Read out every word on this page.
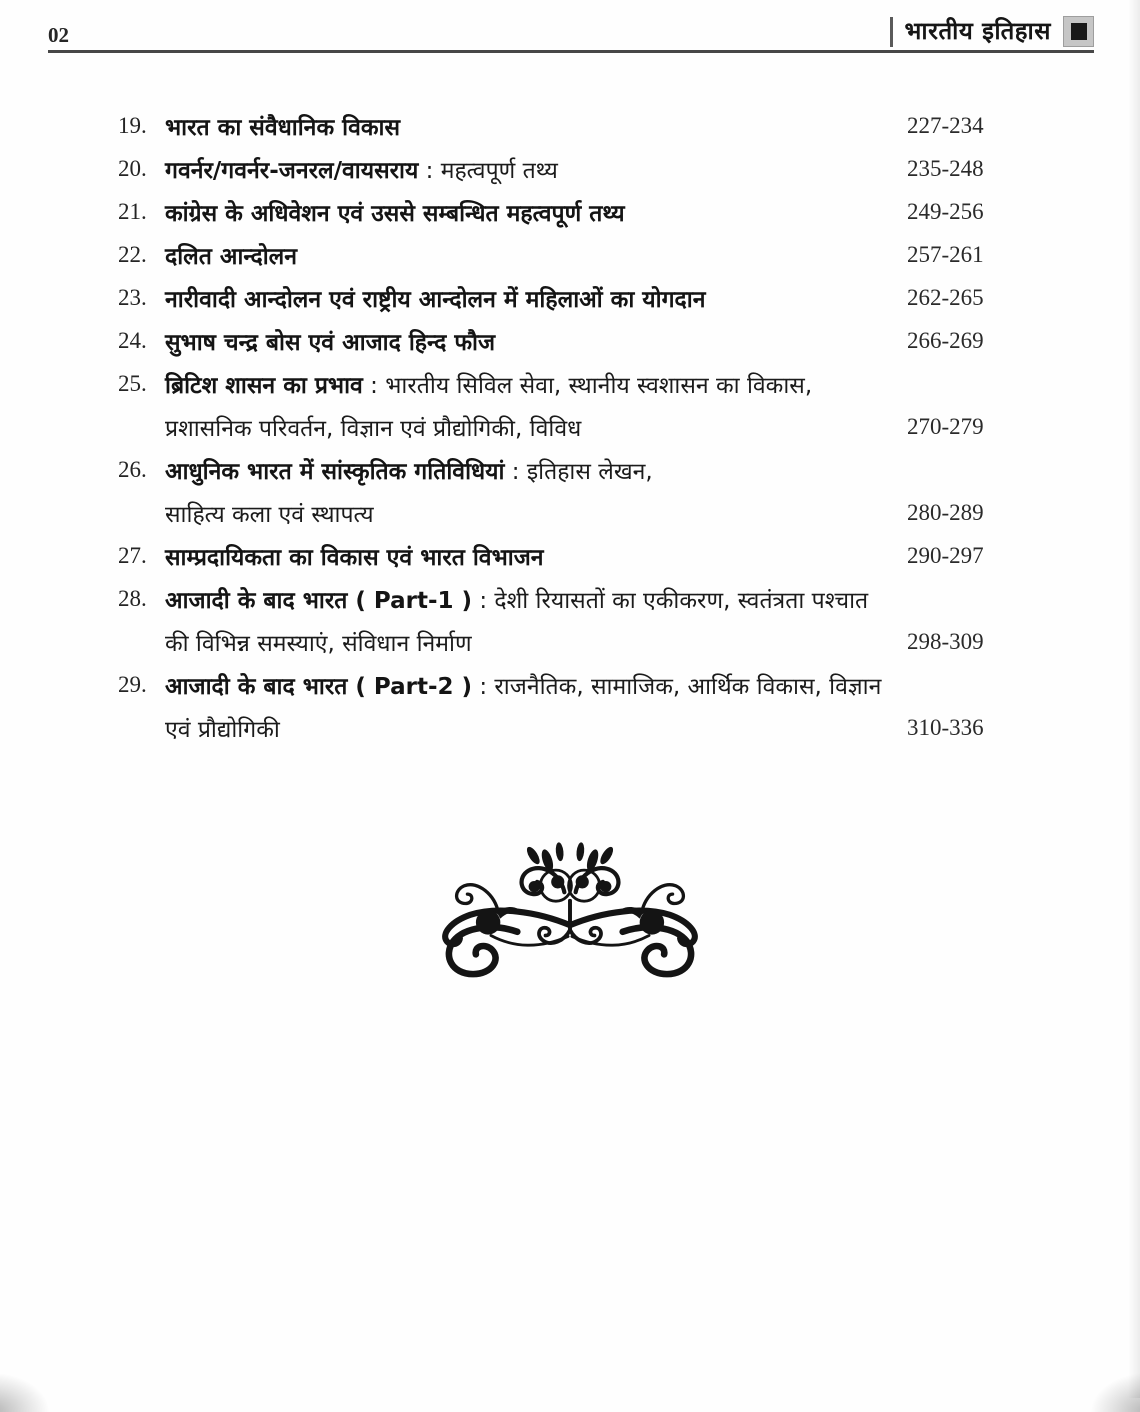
02	भारतीय इतिहास
19. भारत का संवैधानिक विकास	227-234
20. गवर्नर/गवर्नर-जनरल/वायसराय : महत्वपूर्ण तथ्य	235-248
21. कांग्रेस के अधिवेशन एवं उससे सम्बन्धित महत्वपूर्ण तथ्य	249-256
22. दलित आन्दोलन	257-261
23. नारीवादी आन्दोलन एवं राष्ट्रीय आन्दोलन में महिलाओं का योगदान	262-265
24. सुभाष चन्द्र बोस एवं आजाद हिन्द फौज	266-269
25. ब्रिटिश शासन का प्रभाव : भारतीय सिविल सेवा, स्थानीय स्वशासन का विकास,
प्रशासनिक परिवर्तन, विज्ञान एवं प्रौद्योगिकी, विविध	270-279
26. आधुनिक भारत में सांस्कृतिक गतिविधियां : इतिहास लेखन,
साहित्य कला एवं स्थापत्य	280-289
27. साम्प्रदायिकता का विकास एवं भारत विभाजन	290-297
28. आजादी के बाद भारत ( Part-1 ) : देशी रियासतों का एकीकरण, स्वतंत्रता पश्चात
की विभिन्न समस्याएं, संविधान निर्माण	298-309
29. आजादी के बाद भारत ( Part-2 ) : राजनैतिक, सामाजिक, आर्थिक विकास, विज्ञान
एवं प्रौद्योगिकी	310-336
